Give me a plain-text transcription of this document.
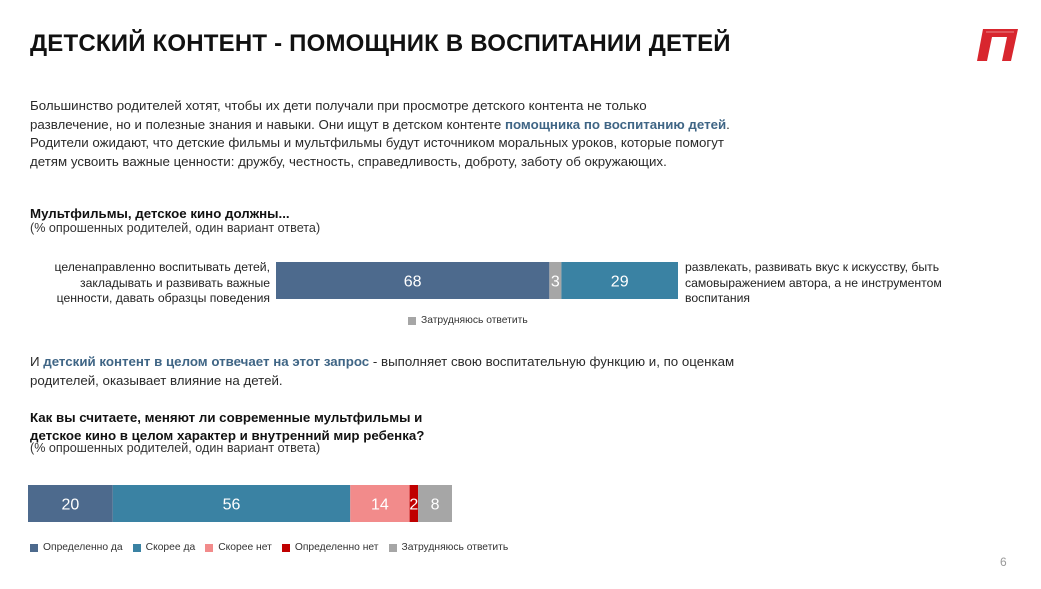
ДЕТСКИЙ КОНТЕНТ - ПОМОЩНИК В ВОСПИТАНИИ ДЕТЕЙ
Большинство родителей хотят, чтобы их дети получали при просмотре детского контента не только развлечение, но и полезные знания и навыки. Они ищут в детском контенте помощника по воспитанию детей. Родители ожидают, что детские фильмы и мультфильмы будут источником моральных уроков, которые помогут детям усвоить важные ценности: дружбу, честность, справедливость, доброту, заботу об окружающих.
Мультфильмы, детское кино должны...
(% опрошенных родителей, один вариант ответа)
целенаправленно воспитывать детей, закладывать и развивать важные ценности, давать образцы поведения
68	3	29
развлекать, развивать вкус к искусству, быть самовыражением автора, а не инструментом воспитания
Затрудняюсь ответить
И детский контент в целом отвечает на этот запрос - выполняет свою воспитательную функцию и, по оценкам родителей, оказывает влияние на детей.
Как вы считаете, меняют ли современные мультфильмы и
детское кино в целом характер и внутренний мир ребенка?
(% опрошенных родителей, один вариант ответа)
20	56	14 2 8
Определенно да Скорее да Скорее нет Определенно нет Затрудняюсь ответить
6
